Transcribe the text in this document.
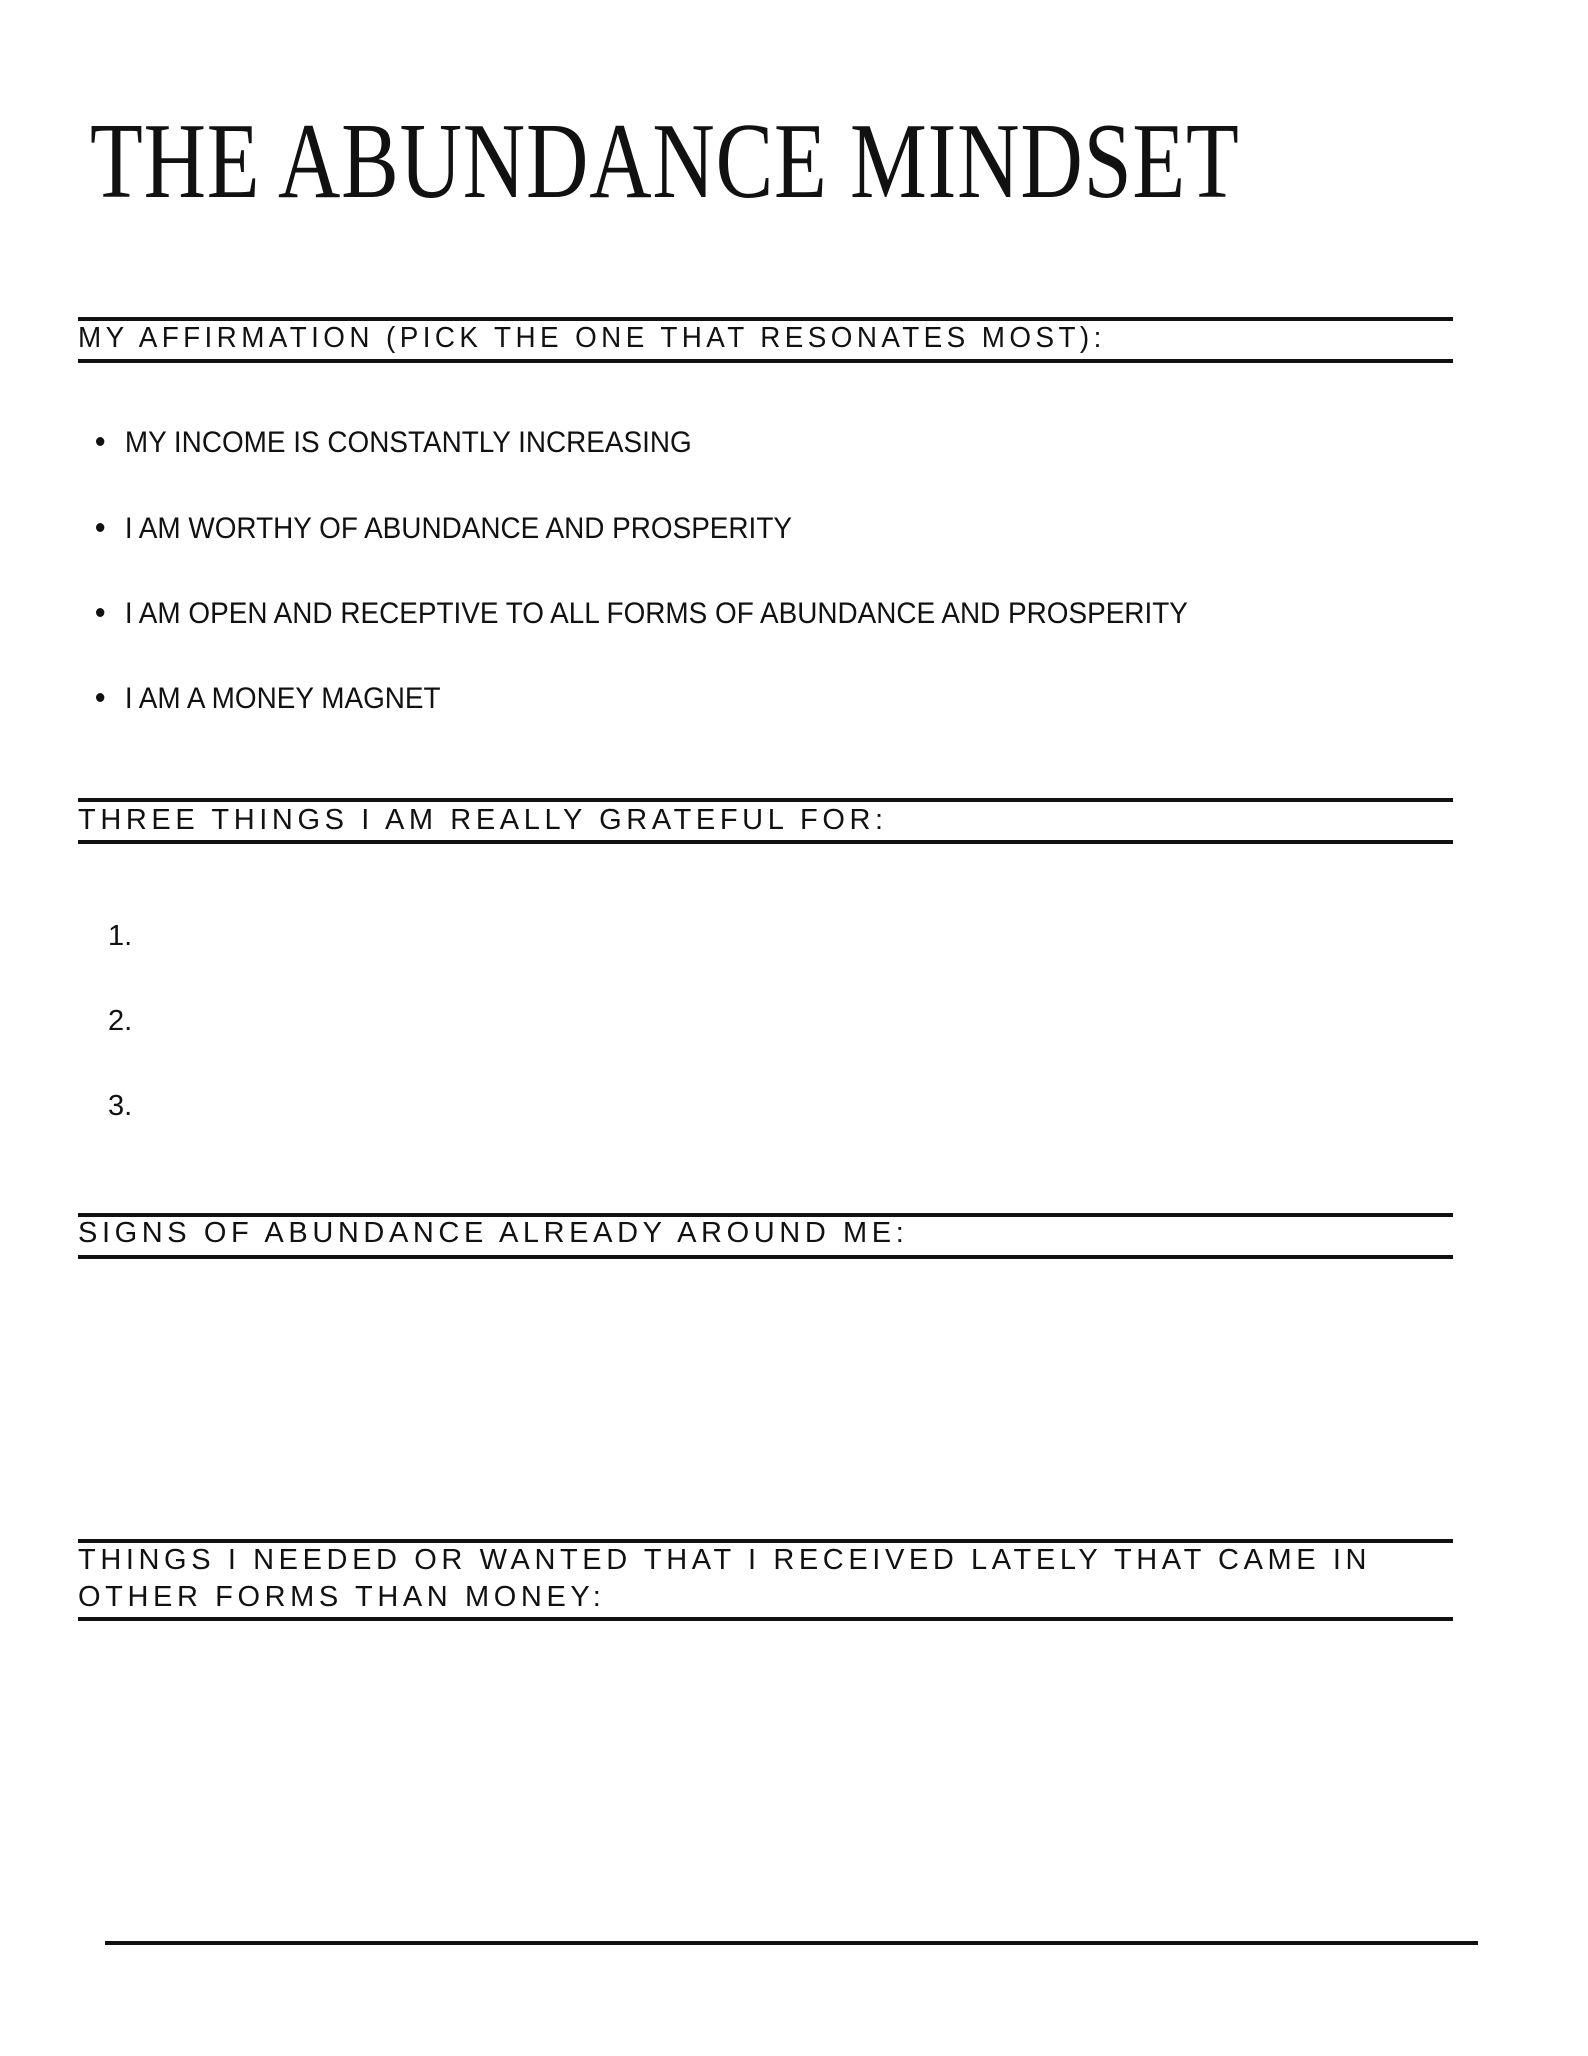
THE ABUNDANCE MINDSET
MY AFFIRMATION (PICK THE ONE THAT RESONATES MOST):
MY INCOME IS CONSTANTLY INCREASING
I AM WORTHY OF ABUNDANCE AND PROSPERITY
I AM OPEN AND RECEPTIVE TO ALL FORMS OF ABUNDANCE AND PROSPERITY
I AM A MONEY MAGNET
THREE THINGS I AM REALLY GRATEFUL FOR:
1.
2.
3.
SIGNS OF ABUNDANCE ALREADY AROUND ME:
THINGS I NEEDED OR WANTED THAT I RECEIVED LATELY THAT CAME IN
OTHER FORMS THAN MONEY:
